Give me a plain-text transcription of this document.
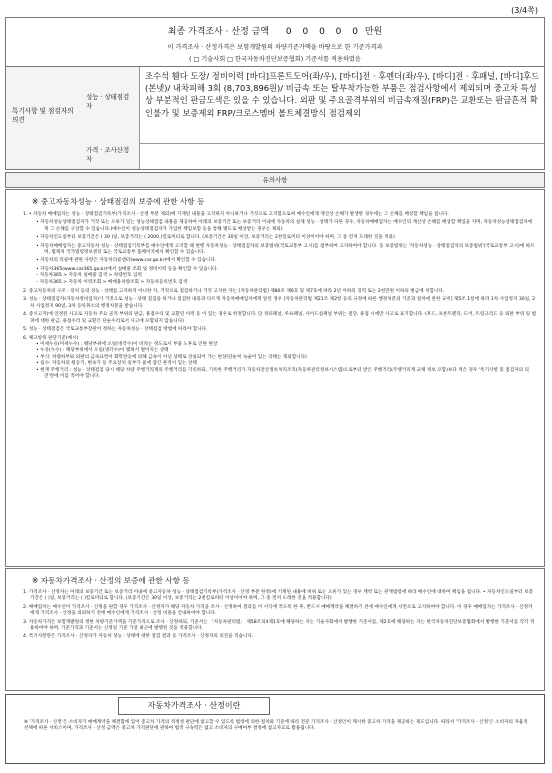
(3/4쪽)
최종 가격조사 · 산정 금액 0 0 0 0 0 만원
이 가격조사 · 산정가격은 보험개발원의 차량기준가액을 바탕으로 한 기준가격과
( □ 기술사회 □ 한국자동차진단보증협회) 기준서를 적용하였음
특기사항 및 점검자의 의견
성능 · 상태점검자
가격 · 조사산정자
조수석 휀다 도장/ 정비이력 [바디]프론트도어(좌/우), [바디]전 · 후펜더(좌/우), [바디]전 · 후패널, [바디]후드(본넷)/ 내차피해 3회 (8,703,896원)/ 비금속 또는 탈부착가능한 부품은 점검사항에서 제외되며 중고차 특성상 부분적인 판금도색은 있을 수 있습니다. 외판 및 주요골격부위의 비금속재질(FRP)은 교환또는 판금흔적 확인불가 및 보증제외 FRP/크로스멤버 볼트체결방식 점검제외
유의사항
※ 중고자동차성능 · 상태점검의 보증에 관한 사항 등

1. • 자동차 매매업자는 성능 · 상태점검기록부(가격조사 · 산정 부분 제외)에 기재된 내용을 고지하지 아니하거나 거짓으로 고지함으로써 매수인에게 재산상 손해가 발생한 경우에는 그 손해를 배상할 책임을 집니다.

• 자동차성능상태점검자가 거짓 또는 오류가 있는 성능상태점검 내용을 제공하여 아래의 보증기간 또는 보증거리 이내에 자동차의 실제 성능 · 상태가 다른 경우, 자동차매매업자는 매수인의 재산상 손해를 배상할 책임을 지며, 자동차성능상태점검자에게 그 손해를 구상할 수 있습니다.(매수인이 성능상태점검자가 가입한 책임보험 등을 통해 별도로 배상받는 경우는 제외)

• 자동차인도일부터 보증기간은 ( 30 )일, 보증거리는 ( 2000 )킬로미터로 합니다. (보증기간은 30일 이상, 보증거리는 2천킬로미터 이상이어야 하며, 그 중 먼저 도래한 것을 적용)

• 자동차매매업자는 중고자동차 성능 · 상태점검기록부를 매수인에게 고지할 때 현행 자동차성능 · 상태점검자의 보증범위(국토교통부 고시)를 첨부하여 고지하여야 합니다. 동 보증범위는 '자동차성능 · 상태점검자의 보증범위'(국토교통부 고시)에 따르며, 법제처 국가법령정보센터 또는 국토교통부 홈페이지에서 확인할 수 있습니다.

• 자동차의 리콜에 관한 사항은 자동차리콜센터(www.car.go.kr)에서 확인할 수 있습니다.

• 자동차365(www.car365.go.kr)에서 실매물 조회 및 정비이력 등을 확인할 수 있습니다.

– 자동차365 > 자동차 실매물 검색 > 차량번호 입력

– 자동차365 > 자동차 이력조회 > 매매용차량조회 > 자동차등록번호 검색

2. 중고자동차의 구조 · 장치 등의 성능 · 상태를 고지하지 아니한 자, 거짓으로 점검하거나 거짓 고지한 자는 [자동차관리법] 제80조 제6호 및 제7호에 따라 2년 이하의 징역 또는 2천만원 이하의 벌금에 처합니다.

3. 성능 · 상태점검자(자동차정비업자)가 거짓으로 성능 · 상태 점검을 하거나 점검한 내용과 다르게 자동차매매업자에게 알린 경우 [자동차관리법 제21조 제2항 등의 규정에 따른 행정처분의 기준과 절차에 관한 규칙] 제5조 1항에 따라 1차 사업정지 30일, 2차 사업정지 90일, 3차 등록취소의 행정처분을 받습니다.

4. 증시고지)에 인정된 사고로 자동차 주요 골격 부위의 판금, 용접수리 및 교환된 이력 등 이 있는 경우로 한정합니다. 단 쿼터패널, 루프패널, 사이드실패널 부위는 절단, 용접 시에만 사고로 표기합니다. (후드, 프론트펜더, 도어, 트렁크리드 등 외판 부위 및 범퍼에 대한 판금, 용접수리 및 교환은 단순수리로서 사고에 포함되지 않습니다)

5. 성능 · 상태점검은 국토교통부장관이 정하는 자동차성능 · 상태점검 방법에 따라야 합니다.

6. 체크항목 판단기준(예시)

• 미세누유(미세누수) : 해당부위에 오일(냉각수)이 비치는 정도로서 부품 노후로 인한 현상

• 누유(누수) : 해당부위에서 오일(냉각수)이 맺혀서 떨어지는 상태

• 부식: 차량하부와 외판의 금속표면이 화학반응에 의해 금속이 아닌 상태로 상실되어 가는 현상(단순히 녹슬어 있는 상태는 제외합니다)

• 침수: 자동차의 원동기, 변속기 등 주요장치 일부가 물에 잠긴 흔적이 있는 상태

• 현재 주행거리 : 성능 · 상태점검 당시 해당 차량 주행거리계의 주행거리를 기록하되, 기록한 주행거리가 자동차전산정보처리조직(자동차관리정보시스템)으로부터 받은 주행거리(주행거리계 교체 정보 포함)보다 적은 경우 '특기사항 및 점검자의 의견'란에 이를 적어야 합니다.

※ 자동차가격조사 · 산정의 보증에 관한 사항 등

1. 가격조사 · 산정자는 아래의 보증기간 또는 보증거리 이내에 중고자동차 성능 · 상태점검기록부(가격조사 · 산정 부분 한정)에 기재된 내용에 허위 또는 오류가 있는 경우 계약 또는 관계법령에 따라 매수인에 대하여 책임을 집니다. • 자동차인도일부터 보증기간은 ( )일, 보증거리는 ( )킬로미터로 합니다. (보증기간은 30일 이상, 보증거리는 2천킬로미터 이상이어야 하며, 그 중 먼저 도래한 것을 적용합니다)

2. 매매업자는 매수인이 가격조사 · 산정을 원할 경우 가격조사 · 산정자가 해당 자동차 가격을 조사 · 산정하여 결과를 이 서식에 적도록 한 후, 반드시 매매계약을 체결하기 전에 매수인에게 서면으로 고지하여야 합니다. 이 경우 매매업자는 가격조사 · 산정자에게 가격조사 · 산정을 의뢰하기 전에 매수인에게 가격조사 · 산정 비용을 안내하여야 합니다.

3. 자동차가격은 보험개발원의 정한 차량기준가액을 기준가격으로 조사 · 산정하되, 기준서는 「자동차관리법」 제58조의4제1호에 해당하는 자는 기술사회에서 발행한 기준서를, 제2호에 해당하는 자는 한국자동차진단보증협회에서 발행한 기준서를 각각 적용하여야 하며, 기준가격과 기준서는 산정일 기준 가장 최근에 발행된 것을 적용합니다.

4. 특기사항란은 가격조사 · 산정자가 자동차 성능 · 상태에 대한 점검 결과 등 가격조사 · 산정자의 의견을 적습니다.

자동차가격조사 · 산정이란
※ '가격조사 · 산정'은 소비자가 매매계약을 체결함에 있어 중고차 가격의 적정성 판단에 참고할 수 있도록 법령에 의한 절차와 기준에 따라 전문 가격조사 · 산정인이 제시한 중고차 가격을 제공하는 제도입니다. 따라서 '가격조사 · 산정'은 소비자의 자율적 선택에 따른 서비스이며, 가격조사 · 산정 금액은 중고차 가격판단에 관하여 법적 구속력은 없고 소비자의 구매여부 결정에 참고자료로 활용됩니다.
